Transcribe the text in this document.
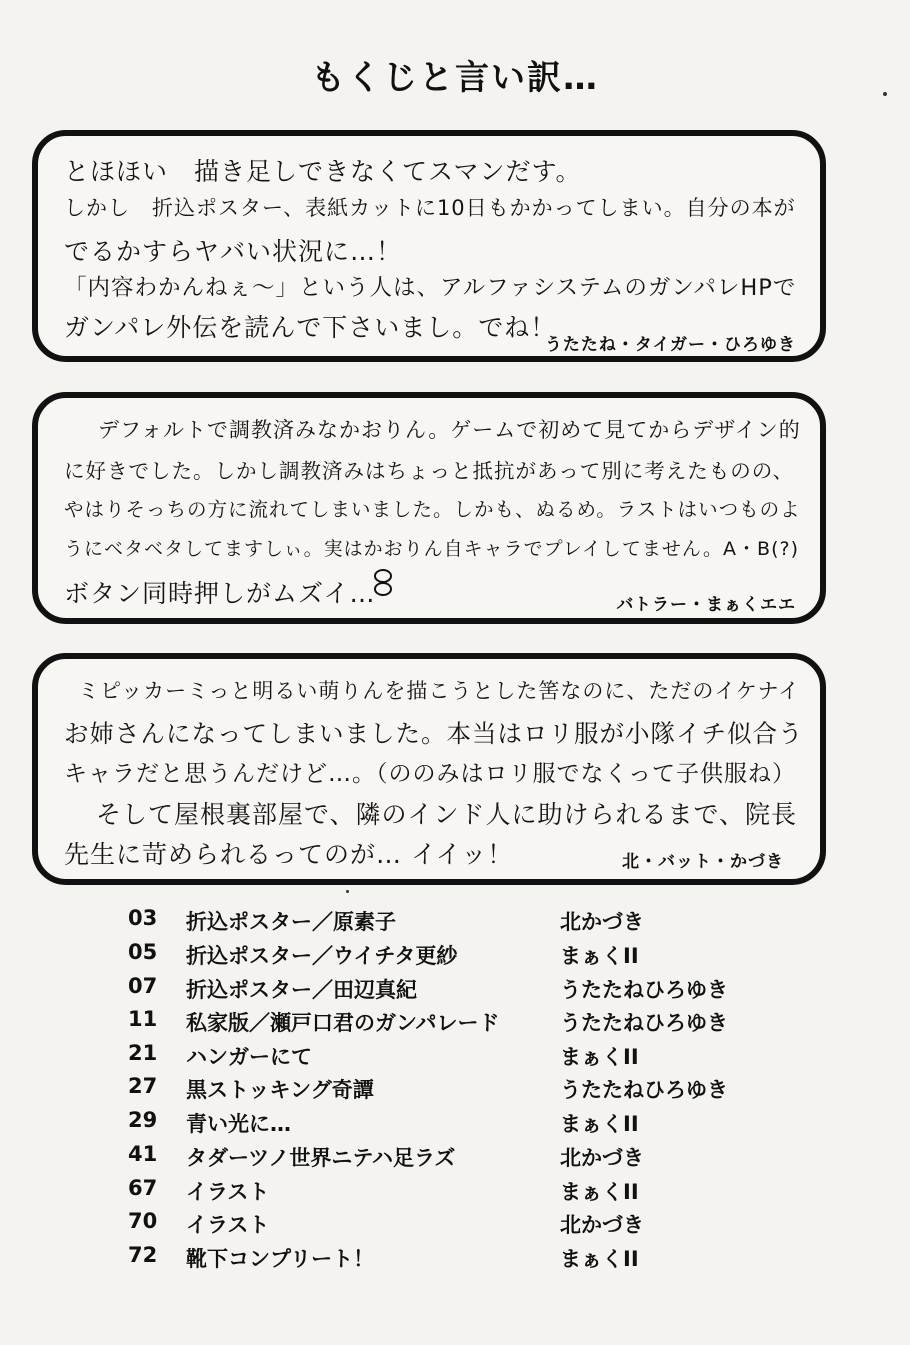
もくじと言い訳…
とほほい　描き足しできなくてスマンだす。
しかし　折込ポスター、表紙カットに10日もかかってしまい。自分の本が
でるかすらヤバい状況に…！
「内容わかんねぇ〜」という人は、アルファシステムのガンパレHPで
ガンパレ外伝を読んで下さいまし。でね！
うたたね・タイガー・ひろゆき
デフォルトで調教済みなかおりん。ゲームで初めて見てからデザイン的
に好きでした。しかし調教済みはちょっと抵抗があって別に考えたものの、
やはりそっちの方に流れてしまいました。しかも、ぬるめ。ラストはいつものよ
うにベタベタしてますしぃ。実はかおりん自キャラでプレイしてません。A・B(?)
ボタン同時押しがムズイ…	バトラー・まぁくエエ
ミピッカーミっと明るい萌りんを描こうとした筈なのに、ただのイケナイ
お姉さんになってしまいました。本当はロリ服が小隊イチ似合う
キャラだと思うんだけど…。（ののみはロリ服でなくって子供服ね）
そして屋根裏部屋で、隣のインド人に助けられるまで、院長
先生に苛められるってのが… イイッ！	北・バット・かづき
03	折込ポスター／原素子	北かづき
05	折込ポスター／ウイチタ更紗	まぁくII
07	折込ポスター／田辺真紀	うたたねひろゆき
11	私家版／瀬戸口君のガンパレード	うたたねひろゆき
21	ハンガーにて	まぁくII
27	黒ストッキング奇譚	うたたねひろゆき
29	青い光に…	まぁくII
41	タダーツノ世界ニテハ足ラズ	北かづき
67	イラスト	まぁくII
70	イラスト	北かづき
72	靴下コンプリート！	まぁくII
